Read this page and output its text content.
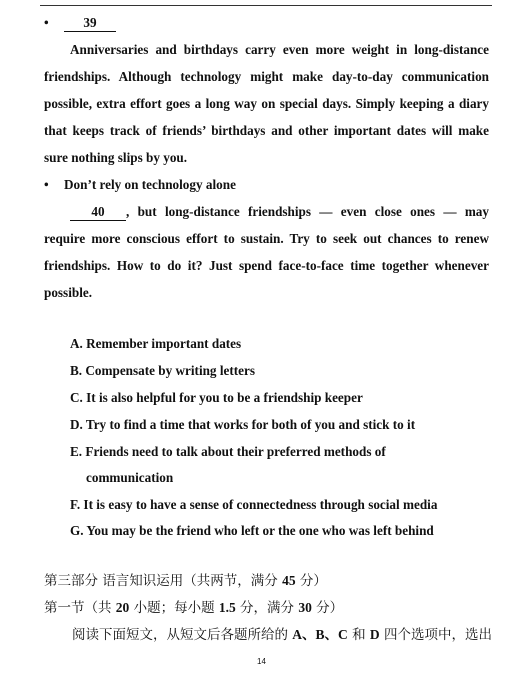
•	39
Anniversaries and birthdays carry even more weight in long-distance
friendships. Although technology might make day-to-day communication
possible, extra effort goes a long way on special days. Simply keeping a diary
that keeps track of friends’ birthdays and other important dates will make
sure nothing slips by you.
• Don’t rely on technology alone
40	, but long-distance friendships — even close ones — may
require more conscious effort to sustain. Try to seek out chances to renew
friendships. How to do it? Just spend face-to-face time together whenever
possible.
A. Remember important dates
B. Compensate by writing letters
C. It is also helpful for you to be a friendship keeper
D. Try to find a time that works for both of you and stick to it
E. Friends need to talk about their preferred methods of
communication
F. It is easy to have a sense of connectedness through social media
G. You may be the friend who left or the one who was left behind
第三部分 语言知识运用（共两节，满分 45 分）
第一节（共 20 小题；每小题 1.5 分，满分 30 分）
阅读下面短文，从短文后各题所给的 A、B、C 和 D 四个选项中，选出
14
